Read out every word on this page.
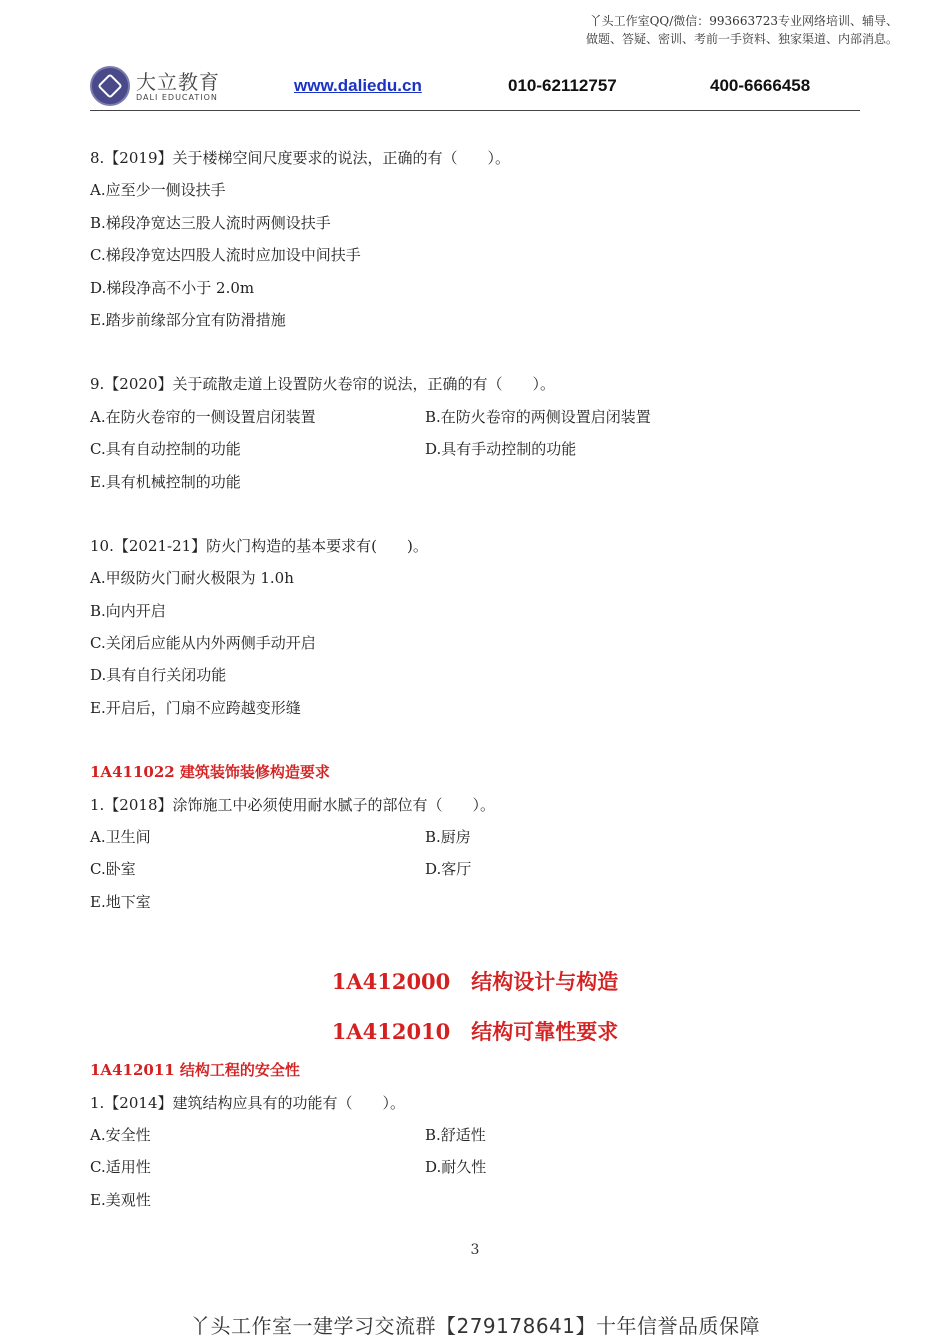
丫头工作室QQ/微信：993663723专业网络培训、辅导、
做题、答疑、密训、考前一手资料、独家渠道、内部消息。
大立教育
DALI EDUCATION
www.daliedu.cn	010-62112757	400-6666458
8.【2019】关于楼梯空间尺度要求的说法，正确的有（　　）。
A.应至少一侧设扶手
B.梯段净宽达三股人流时两侧设扶手
C.梯段净宽达四股人流时应加设中间扶手
D.梯段净高不小于 2.0m
E.踏步前缘部分宜有防滑措施
9.【2020】关于疏散走道上设置防火卷帘的说法，正确的有（　　）。
A.在防火卷帘的一侧设置启闭装置	B.在防火卷帘的两侧设置启闭装置
C.具有自动控制的功能	D.具有手动控制的功能
E.具有机械控制的功能
10.【2021-21】防火门构造的基本要求有(　　)。
A.甲级防火门耐火极限为 1.0h
B.向内开启
C.关闭后应能从内外两侧手动开启
D.具有自行关闭功能
E.开启后，门扇不应跨越变形缝
1A411022 建筑装饰装修构造要求
1.【2018】涂饰施工中必须使用耐水腻子的部位有（　　）。
A.卫生间	B.厨房
C.卧室	D.客厅
E.地下室
1A412000　结构设计与构造
1A412010　结构可靠性要求
1A412011 结构工程的安全性
1.【2014】建筑结构应具有的功能有（　　）。
A.安全性	B.舒适性
C.适用性	D.耐久性
E.美观性
3
丫头工作室一建学习交流群【279178641】十年信誉品质保障
